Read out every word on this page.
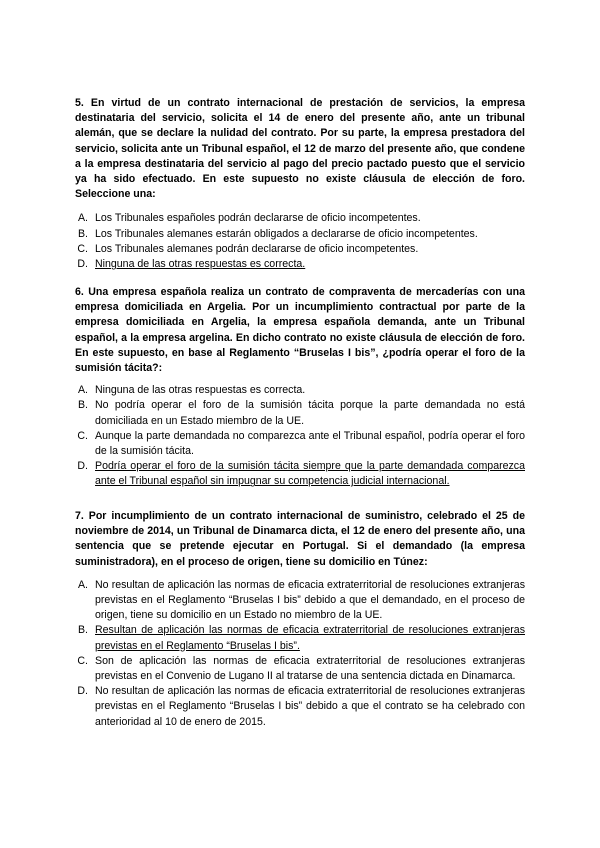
5. En virtud de un contrato internacional de prestación de servicios, la empresa destinataria del servicio, solicita el 14 de enero del presente año, ante un tribunal alemán, que se declare la nulidad del contrato. Por su parte, la empresa prestadora del servicio, solicita ante un Tribunal español, el 12 de marzo del presente año, que condene a la empresa destinataria del servicio al pago del precio pactado puesto que el servicio ya ha sido efectuado. En este supuesto no existe cláusula de elección de foro. Seleccione una:

A. Los Tribunales españoles podrán declararse de oficio incompetentes.
B. Los Tribunales alemanes estarán obligados a declararse de oficio incompetentes.
C. Los Tribunales alemanes podrán declararse de oficio incompetentes.
D. Ninguna de las otras respuestas es correcta.

6. Una empresa española realiza un contrato de compraventa de mercaderías con una empresa domiciliada en Argelia. Por un incumplimiento contractual por parte de la empresa domiciliada en Argelia, la empresa española demanda, ante un Tribunal español, a la empresa argelina. En dicho contrato no existe cláusula de elección de foro. En este supuesto, en base al Reglamento “Bruselas I bis”, ¿podría operar el foro de la sumisión tácita?:

A. Ninguna de las otras respuestas es correcta.
B. No podría operar el foro de la sumisión tácita porque la parte demandada no está domiciliada en un Estado miembro de la UE.
C. Aunque la parte demandada no comparezca ante el Tribunal español, podría operar el foro de la sumisión tácita.
D. Podría operar el foro de la sumisión tácita siempre que la parte demandada comparezca ante el Tribunal español sin impugnar su competencia judicial internacional.

7. Por incumplimiento de un contrato internacional de suministro, celebrado el 25 de noviembre de 2014, un Tribunal de Dinamarca dicta, el 12 de enero del presente año, una sentencia que se pretende ejecutar en Portugal. Si el demandado (la empresa suministradora), en el proceso de origen, tiene su domicilio en Túnez:

A. No resultan de aplicación las normas de eficacia extraterritorial de resoluciones extranjeras previstas en el Reglamento “Bruselas I bis” debido a que el demandado, en el proceso de origen, tiene su domicilio en un Estado no miembro de la UE.
B. Resultan de aplicación las normas de eficacia extraterritorial de resoluciones extranjeras previstas en el Reglamento “Bruselas I bis”.
C. Son de aplicación las normas de eficacia extraterritorial de resoluciones extranjeras previstas en el Convenio de Lugano II al tratarse de una sentencia dictada en Dinamarca.
D. No resultan de aplicación las normas de eficacia extraterritorial de resoluciones extranjeras previstas en el Reglamento “Bruselas I bis” debido a que el contrato se ha celebrado con anterioridad al 10 de enero de 2015.
